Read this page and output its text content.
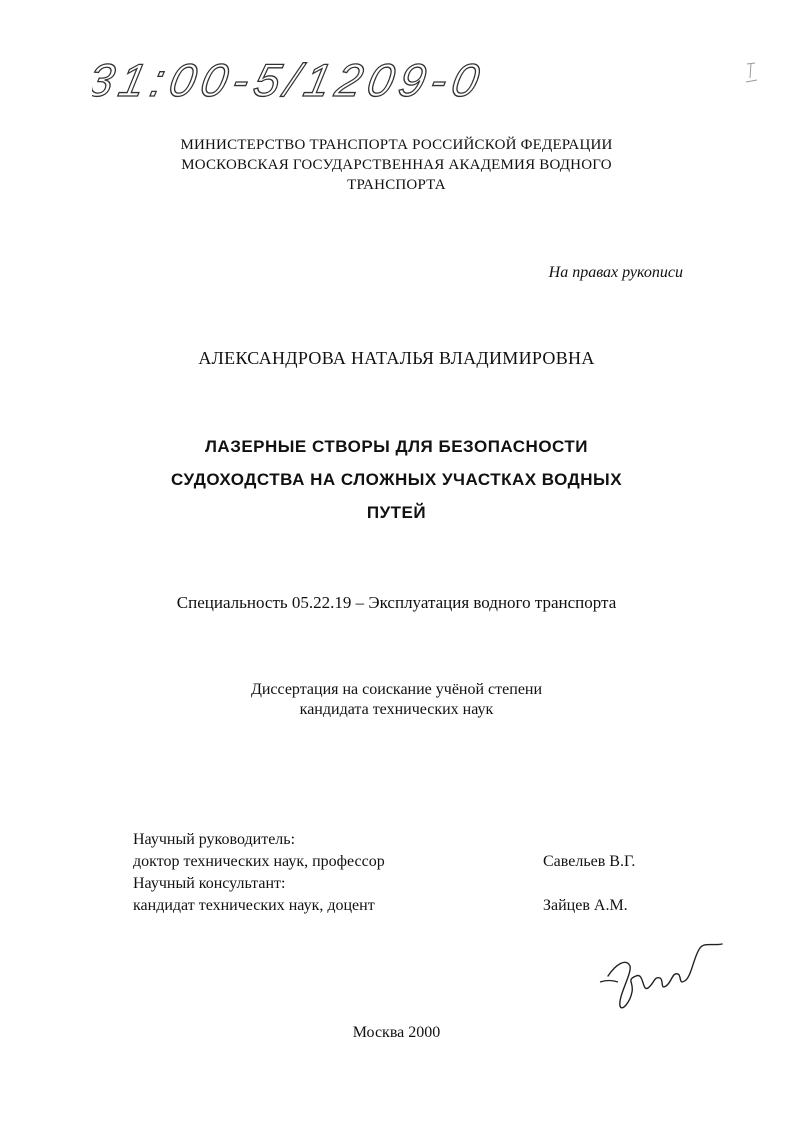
31:00-5/1209-0
МИНИСТЕРСТВО ТРАНСПОРТА РОССИЙСКОЙ ФЕДЕРАЦИИ
МОСКОВСКАЯ ГОСУДАРСТВЕННАЯ АКАДЕМИЯ ВОДНОГО
ТРАНСПОРТА
На правах рукописи
АЛЕКСАНДРОВА НАТАЛЬЯ ВЛАДИМИРОВНА
ЛАЗЕРНЫЕ СТВОРЫ ДЛЯ БЕЗОПАСНОСТИ
СУДОХОДСТВА НА СЛОЖНЫХ УЧАСТКАХ ВОДНЫХ
ПУТЕЙ
Специальность 05.22.19 – Эксплуатация водного транспорта
Диссертация на соискание учёной степени
кандидата технических наук
Научный руководитель:
доктор технических наук, профессор	Савельев В.Г.
Научный консультант:
кандидат технических наук, доцент	Зайцев А.М.
Москва 2000
